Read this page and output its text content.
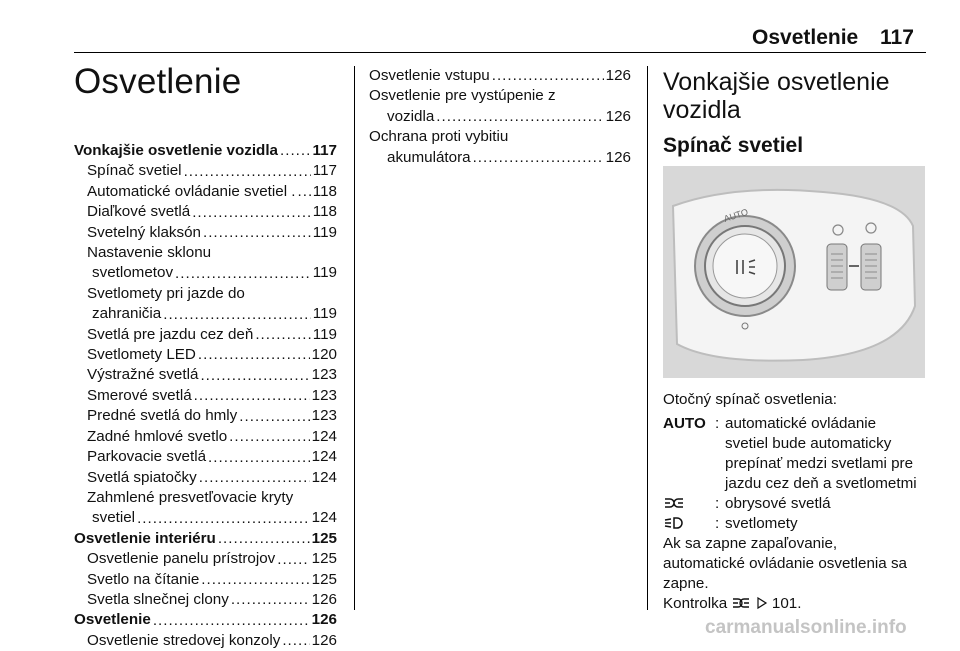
Osvetlenie 117
Osvetlenie
Vonkajšie osvetlenie vozidla ..... 117
Spínač svetiel .....	117
Automatické ovládanie svetiel . ..... 118
Diaľkové svetlá .....	118
Svetelný klaksón .....	119
Nastavenie sklonu
svetlometov .....	119
Svetlomety pri jazde do
zahraničia .....	119
Svetlá pre jazdu cez deň .....	119
Svetlomety LED .....	120
Výstražné svetlá .....	123
Smerové svetlá .....	123
Predné svetlá do hmly .....	123
Zadné hmlové svetlo .....	124
Parkovacie svetlá .....	124
Svetlá spiatočky .....	124
Zahmlené presvetľovacie kryty
svetiel .....	124
Osvetlenie interiéru .....	125
Osvetlenie panelu prístrojov ..... 125
Svetlo na čítanie .....	125
Svetla slnečnej clony .....	126
Osvetlenie .....	126
Osvetlenie stredovej konzoly ..... 126
Osvetlenie vstupu .....	126
Osvetlenie pre vystúpenie z
vozidla .....	126
Ochrana proti vybitiu
akumulátora .....	126
Vonkajšie osvetlenie
vozidla
Spínač svetiel
AUTO
Otočný spínač osvetlenia:
AUTO : automatické ovládanie
svetiel bude automaticky
prepínať medzi svetlami pre
jazdu cez deň a svetlometmi
: obrysové svetlá
: svetlomety
Ak sa zapne zapaľovanie,
automatické ovládanie osvetlenia sa
zapne.
Kontrolka	101.
carmanualsonline.info
